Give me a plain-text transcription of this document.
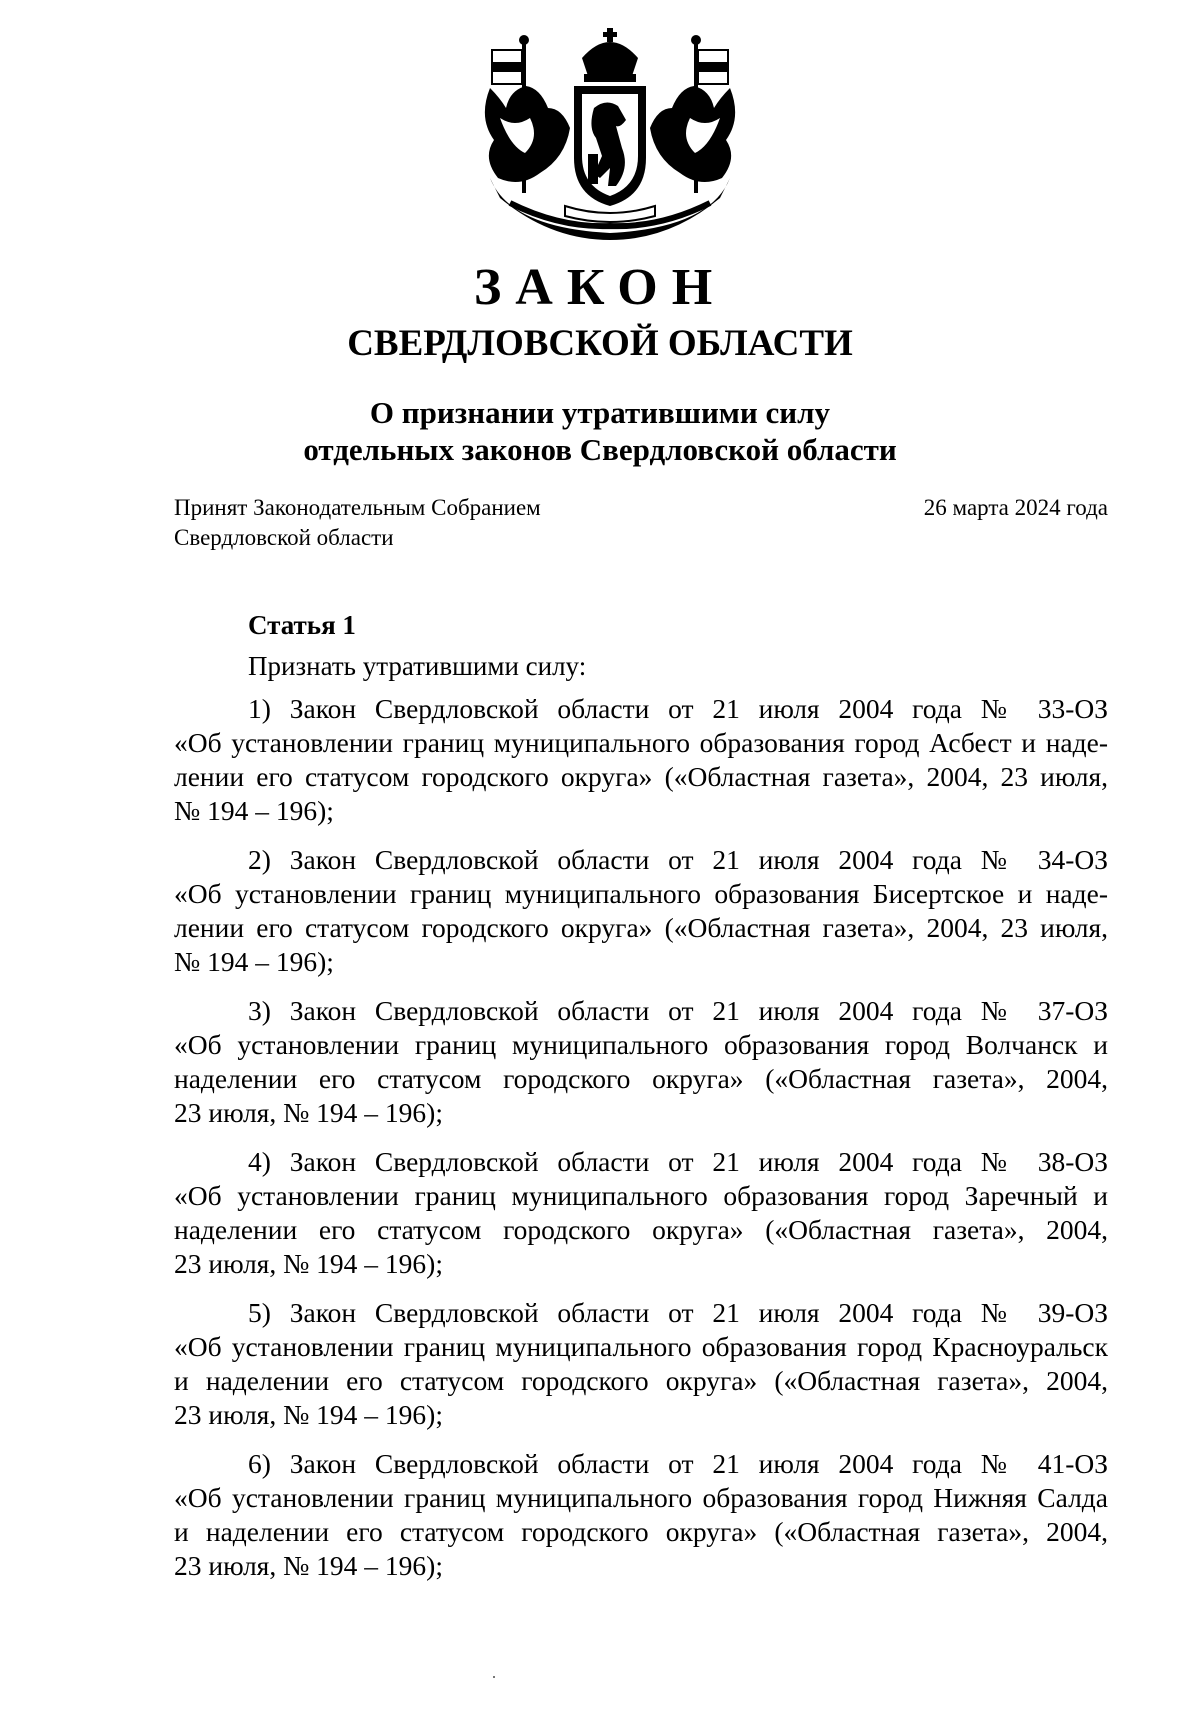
ЗАКОН
СВЕРДЛОВСКОЙ ОБЛАСТИ
О признании утратившими силу
отдельных законов Свердловской области
Принят Законодательным Собранием
Свердловской области
26 марта 2024 года
Статья 1
Признать утратившими силу:
1) Закон Свердловской области от 21 июля 2004 года № 33-ОЗ
«Об установлении границ муниципального образования город Асбест и наде-
лении его статусом городского округа» («Областная газета», 2004, 23 июля,
№ 194 – 196);
2) Закон Свердловской области от 21 июля 2004 года № 34-ОЗ
«Об установлении границ муниципального образования Бисертское и наде-
лении его статусом городского округа» («Областная газета», 2004, 23 июля,
№ 194 – 196);
3) Закон Свердловской области от 21 июля 2004 года № 37-ОЗ
«Об установлении границ муниципального образования город Волчанск и
наделении его статусом городского округа» («Областная газета», 2004,
23 июля, № 194 – 196);
4) Закон Свердловской области от 21 июля 2004 года № 38-ОЗ
«Об установлении границ муниципального образования город Заречный и
наделении его статусом городского округа» («Областная газета», 2004,
23 июля, № 194 – 196);
5) Закон Свердловской области от 21 июля 2004 года № 39-ОЗ
«Об установлении границ муниципального образования город Красноуральск
и наделении его статусом городского округа» («Областная газета», 2004,
23 июля, № 194 – 196);
6) Закон Свердловской области от 21 июля 2004 года № 41-ОЗ
«Об установлении границ муниципального образования город Нижняя Салда
и наделении его статусом городского округа» («Областная газета», 2004,
23 июля, № 194 – 196);
